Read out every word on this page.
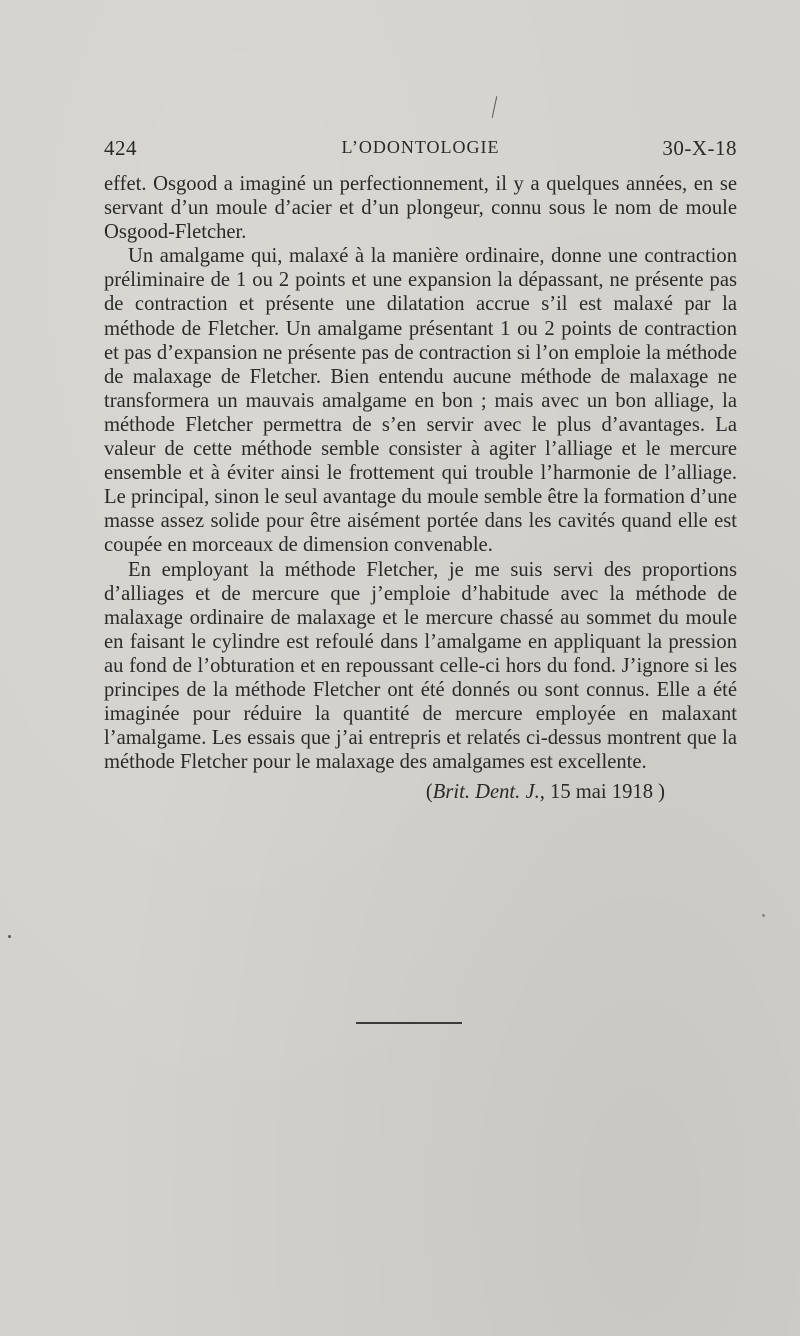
424	L’ODONTOLOGIE	30-X-18

effet. Osgood a imaginé un perfectionnement, il y a quelques années, en se servant d’un moule d’acier et d’un plongeur, connu sous le nom de moule Osgood-Fletcher.

Un amalgame qui, malaxé à la manière ordinaire, donne une contraction préliminaire de 1 ou 2 points et une expansion la dépassant, ne présente pas de contraction et présente une dilatation accrue s’il est malaxé par la méthode de Fletcher. Un amalgame présentant 1 ou 2 points de contraction et pas d’expansion ne présente pas de contraction si l’on emploie la méthode de malaxage de Fletcher. Bien entendu aucune méthode de malaxage ne transformera un mauvais amalgame en bon ; mais avec un bon alliage, la méthode Fletcher permettra de s’en servir avec le plus d’avantages. La valeur de cette méthode semble consister à agiter l’alliage et le mercure ensemble et à éviter ainsi le frottement qui trouble l’harmonie de l’alliage. Le principal, sinon le seul avantage du moule semble être la formation d’une masse assez solide pour être aisément portée dans les cavités quand elle est coupée en morceaux de dimension convenable.

En employant la méthode Fletcher, je me suis servi des proportions d’alliages et de mercure que j’emploie d’habitude avec la méthode de malaxage ordinaire de malaxage et le mercure chassé au sommet du moule en faisant le cylindre est refoulé dans l’amalgame en appliquant la pression au fond de l’obturation et en repoussant celle-ci hors du fond. J’ignore si les principes de la méthode Fletcher ont été donnés ou sont connus. Elle a été imaginée pour réduire la quantité de mercure employée en malaxant l’amalgame. Les essais que j’ai entrepris et relatés ci-dessus montrent que la méthode Fletcher pour le malaxage des amalgames est excellente.

(Brit. Dent. J., 15 mai 1918 )
